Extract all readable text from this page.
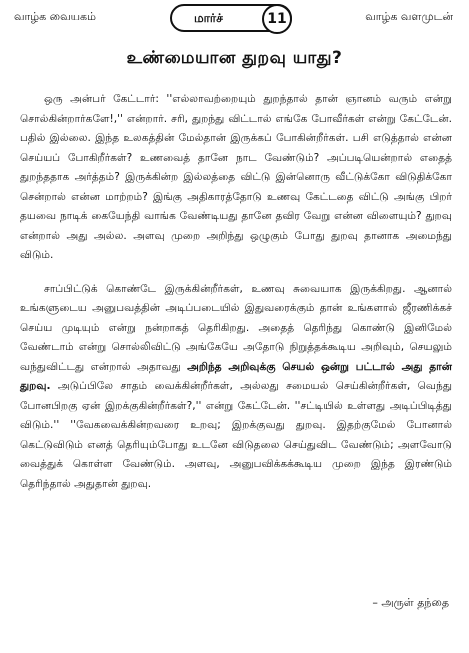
வாழ்க வையகம்	மார்ச்	11	வாழ்க வளமுடன்
உண்மையான துறவு யாது?

ஒரு அன்பர் கேட்டார்: ''எல்லாவற்றையும் துறந்தால் தான் ஞானம் வரும் என்று சொல்கின்றார்களே!,'' என்றார். சரி, துறந்து விட்டால் எங்கே போவீர்கள் என்று கேட்டேன். பதில் இல்லை. இந்த உலகத்தின் மேல்தான் இருக்கப் போகின்றீர்கள். பசி எடுத்தால் என்ன செய்யப் போகிறீர்கள்? உணவைத் தானே நாட வேண்டும்? அப்படியென்றால் எதைத் துறந்ததாக அர்த்தம்? இருக்கின்ற இல்லத்தை விட்டு இன்னொரு வீட்டுக்கோ விடுதிக்கோ சென்றால் என்ன மாற்றம்? இங்கு அதிகாரத்தோடு உணவு கேட்டதை விட்டு அங்கு பிறர் தயவை நாடிக் கையேந்தி வாங்க வேண்டியது தானே தவிர வேறு என்ன விளையும்? துறவு என்றால் அது அல்ல. அளவு முறை அறிந்து ஒழுகும் போது துறவு தானாக அமைந்து விடும்.

சாப்பிட்டுக் கொண்டே இருக்கின்றீர்கள், உணவு சுவையாக இருக்கிறது. ஆனால் உங்களுடைய அனுபவத்தின் அடிப்படையில் இதுவரைக்கும் தான் உங்களால் ஜீரணிக்கச் செய்ய முடியும் என்று நன்றாகத் தெரிகிறது. அதைத் தெரிந்து கொண்டு இனிமேல் வேண்டாம் என்று சொல்லிவிட்டு அங்கேயே அதோடு நிறுத்தக்கூடிய அறிவும், செயலும் வந்துவிட்டது என்றால் அதாவது அறிந்த அறிவுக்கு செயல் ஒன்று பட்டால் அது தான் துறவு. அடுப்பிலே சாதம் வைக்கின்றீர்கள், அல்லது சமையல் செய்கின்றீர்கள், வெந்து போனபிறகு ஏன் இறக்குகின்றீர்கள்?,'' என்று கேட்டேன். ''சட்டியில் உள்ளது அடிப்பிடித்து விடும்.'' ''வேகவைக்கின்றவரை உறவு; இறக்குவது துறவு. இதற்குமேல் போனால் கெட்டுவிடும் எனத் தெரியும்போது உடனே விடுதலை செய்துவிட வேண்டும்; அளவோடு வைத்துக் கொள்ள வேண்டும். அளவு, அனுபவிக்கக்கூடிய முறை இந்த இரண்டும் தெரிந்தால் அதுதான் துறவு.

– அருள் தந்தை
